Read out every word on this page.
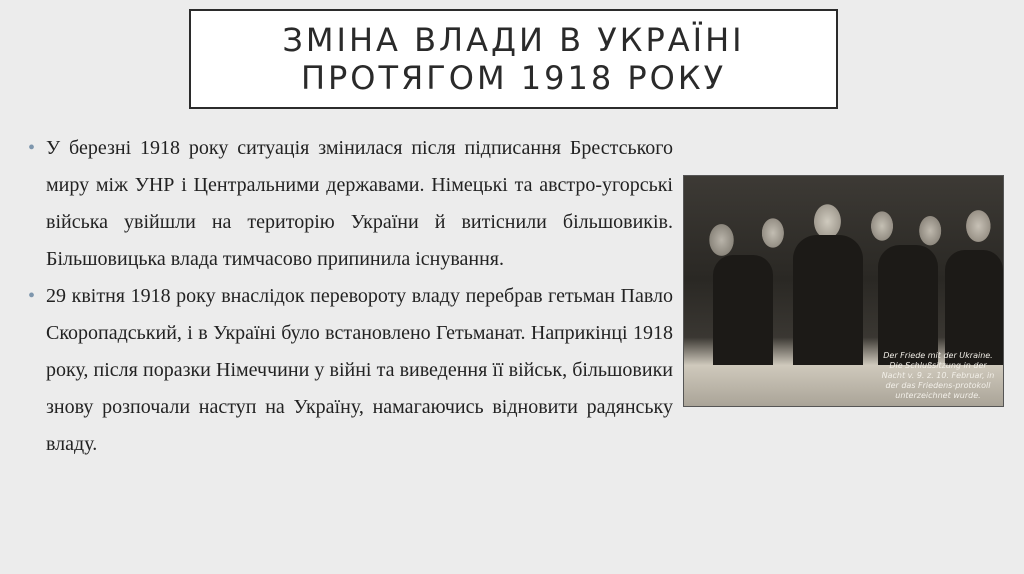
ЗМІНА ВЛАДИ В УКРАЇНІ
ПРОТЯГОМ 1918 РОКУ
• У березні 1918 року ситуація змінилася після підписання Брестського миру між УНР і Центральними державами. Німецькі та австро-угорські війська увійшли на територію України й витіснили більшовиків. Більшовицька влада тимчасово припинила існування.
• 29 квітня 1918 року внаслідок перевороту владу перебрав гетьман Павло Скоропадський, і в Україні було встановлено Гетьманат. Наприкінці 1918 року, після поразки Німеччини у війні та виведення її військ, більшовики знову розпочали наступ на Україну, намагаючись відновити радянську владу.
Der Friede mit der Ukraine. Die Schlußsitzung in der Nacht v. 9. z. 10. Februar, in der das Friedens-protokoll unterzeichnet wurde.
